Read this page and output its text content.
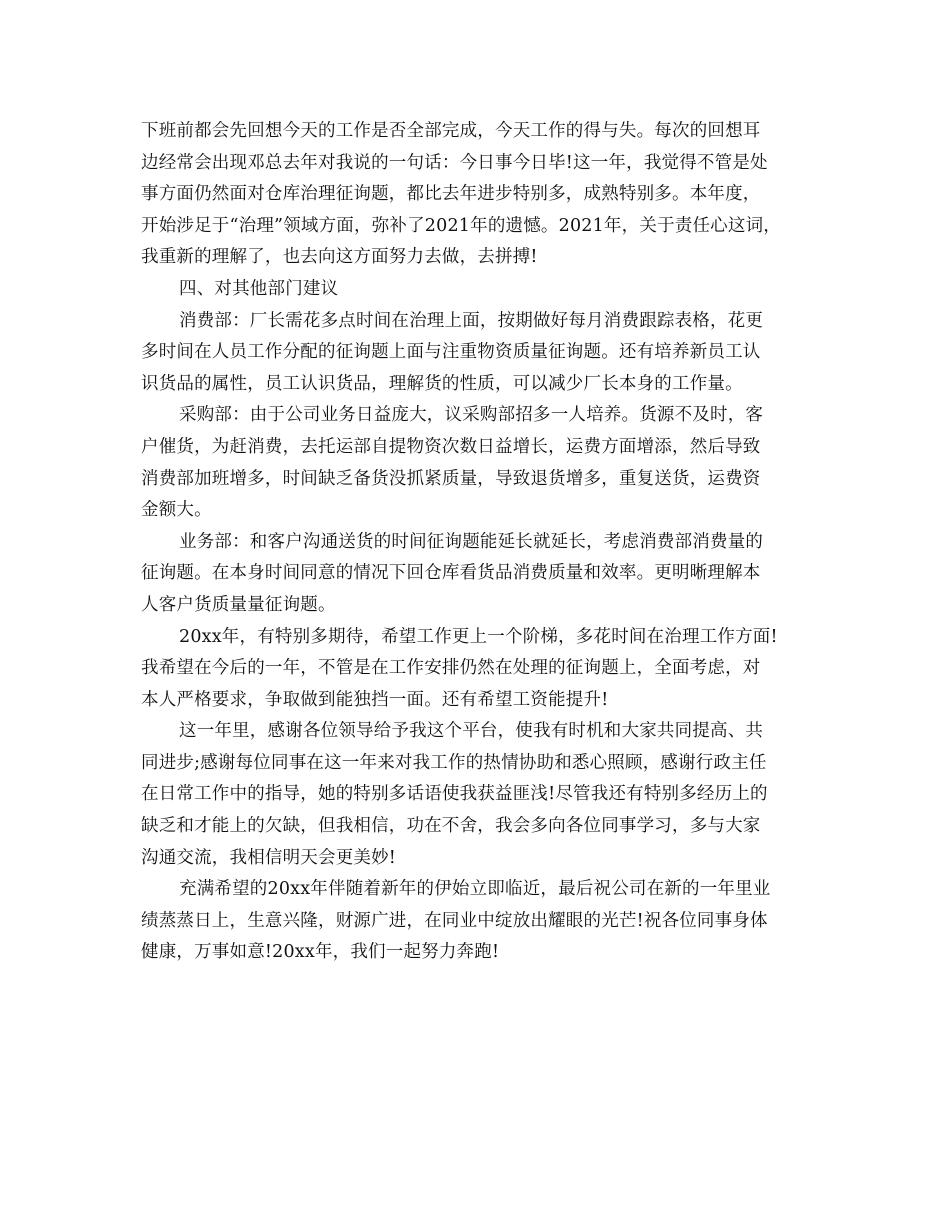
下班前都会先回想今天的工作是否全部完成，今天工作的得与失。每次的回想耳
边经常会出现邓总去年对我说的一句话：今日事今日毕!这一年，我觉得不管是处
事方面仍然面对仓库治理征询题，都比去年进步特别多，成熟特别多。本年度，
开始涉足于“治理”领域方面，弥补了2021年的遗憾。2021年，关于责任心这词，
我重新的理解了，也去向这方面努力去做，去拼搏!
四、对其他部门建议
消费部：厂长需花多点时间在治理上面，按期做好每月消费跟踪表格，花更
多时间在人员工作分配的征询题上面与注重物资质量征询题。还有培养新员工认
识货品的属性，员工认识货品，理解货的性质，可以减少厂长本身的工作量。
采购部：由于公司业务日益庞大，议采购部招多一人培养。货源不及时，客
户催货，为赶消费，去托运部自提物资次数日益增长，运费方面增添，然后导致
消费部加班增多，时间缺乏备货没抓紧质量，导致退货增多，重复送货，运费资
金额大。
业务部：和客户沟通送货的时间征询题能延长就延长，考虑消费部消费量的
征询题。在本身时间同意的情况下回仓库看货品消费质量和效率。更明晰理解本
人客户货质量量征询题。
20xx年，有特别多期待，希望工作更上一个阶梯，多花时间在治理工作方面!
我希望在今后的一年，不管是在工作安排仍然在处理的征询题上，全面考虑，对
本人严格要求，争取做到能独挡一面。还有希望工资能提升!
这一年里，感谢各位领导给予我这个平台，使我有时机和大家共同提高、共
同进步;感谢每位同事在这一年来对我工作的热情协助和悉心照顾，感谢行政主任
在日常工作中的指导，她的特别多话语使我获益匪浅!尽管我还有特别多经历上的
缺乏和才能上的欠缺，但我相信，功在不舍，我会多向各位同事学习，多与大家
沟通交流，我相信明天会更美妙!
充满希望的20xx年伴随着新年的伊始立即临近，最后祝公司在新的一年里业
绩蒸蒸日上，生意兴隆，财源广进，在同业中绽放出耀眼的光芒!祝各位同事身体
健康，万事如意!20xx年，我们一起努力奔跑!
